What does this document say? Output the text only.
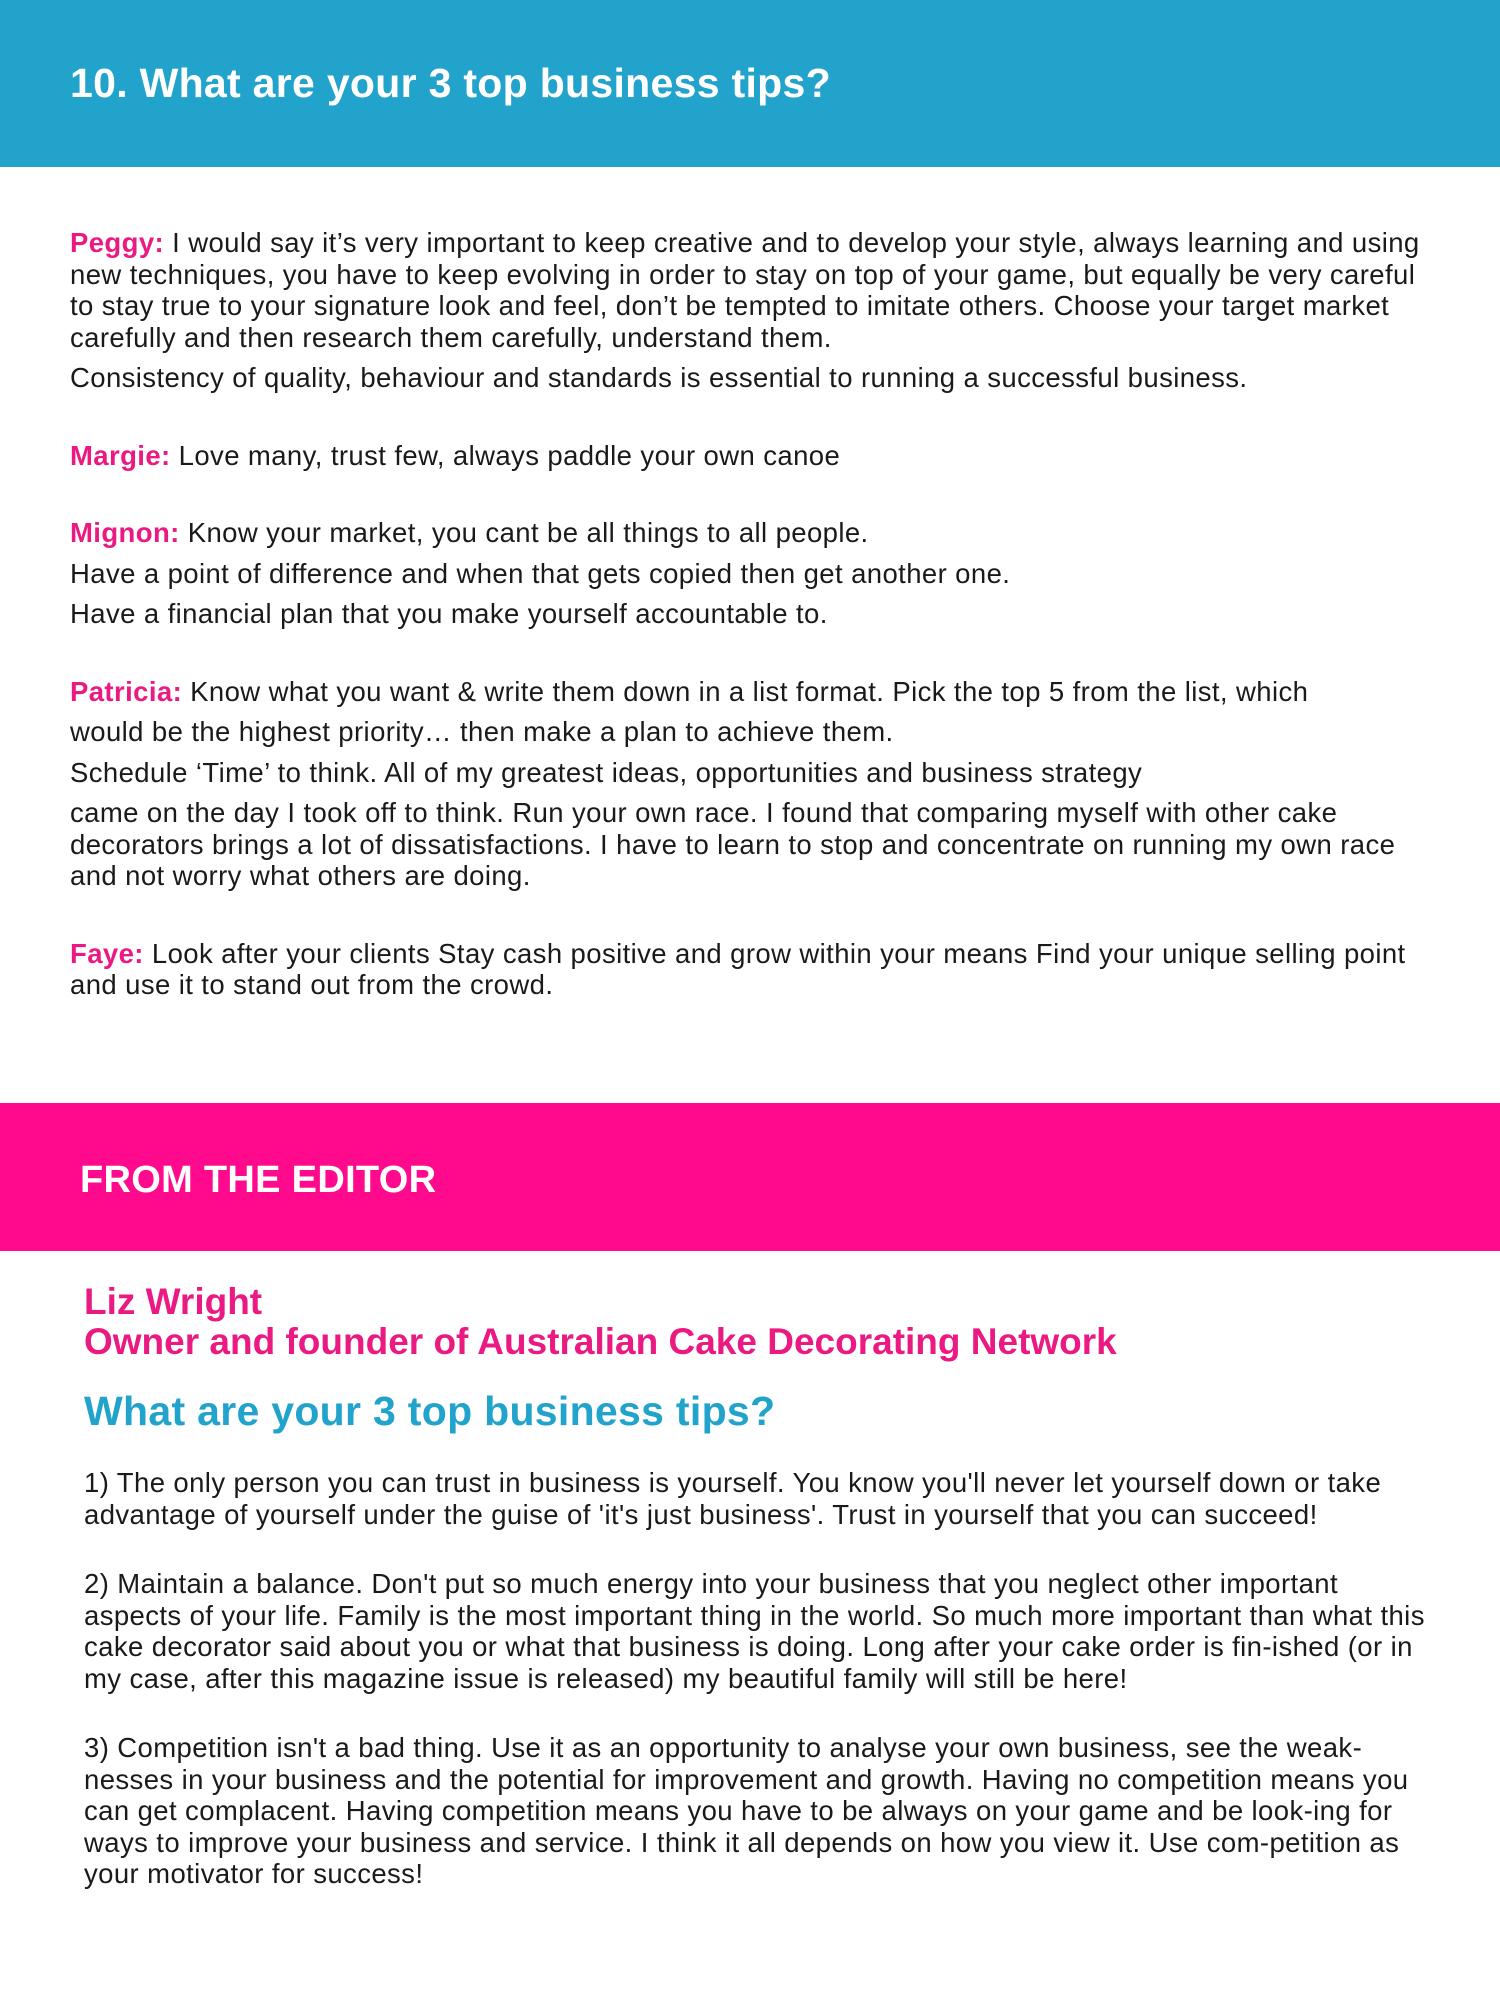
10. What are your 3 top business tips?

Peggy: I would say it’s very important to keep creative and to develop your style, always learning and using new techniques, you have to keep evolving in order to stay on top of your game, but equally be very careful to stay true to your signature look and feel, don’t be tempted to imitate others. Choose your target market carefully and then research them carefully, understand them.

Consistency of quality, behaviour and standards is essential to running a successful business.

Margie: Love many, trust few, always paddle your own canoe

Mignon: Know your market, you cant be all things to all people.

Have a point of difference and when that gets copied then get another one.

Have a financial plan that you make yourself accountable to.

Patricia: Know what you want & write them down in a list format. Pick the top 5 from the list, which

would be the highest priority… then make a plan to achieve them.

Schedule ‘Time’ to think. All of my greatest ideas, opportunities and business strategy

came on the day I took off to think. Run your own race. I found that comparing myself with other cake decorators brings a lot of dissatisfactions. I have to learn to stop and concentrate on running my own race and not worry what others are doing.

Faye: Look after your clients Stay cash positive and grow within your means Find your unique selling point and use it to stand out from the crowd.

FROM THE EDITOR

Liz Wright

Owner and founder of Australian Cake Decorating Network

What are your 3 top business tips?

1) The only person you can trust in business is yourself. You know you'll never let yourself down or take advantage of yourself under the guise of 'it's just business'. Trust in yourself that you can succeed!

2) Maintain a balance. Don't put so much energy into your business that you neglect other important aspects of your life. Family is the most important thing in the world. So much more important than what this cake decorator said about you or what that business is doing. Long after your cake order is fin-ished (or in my case, after this magazine issue is released) my beautiful family will still be here!

3) Competition isn't a bad thing. Use it as an opportunity to analyse your own business, see the weak-nesses in your business and the potential for improvement and growth. Having no competition means you can get complacent. Having competition means you have to be always on your game and be look-ing for ways to improve your business and service. I think it all depends on how you view it. Use com-petition as your motivator for success!
